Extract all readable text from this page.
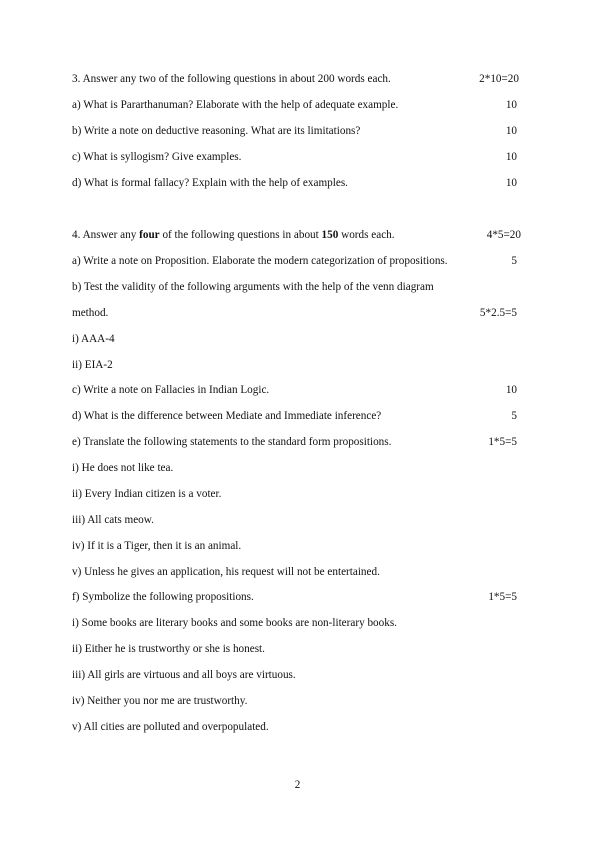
3. Answer any two of the following questions in about 200 words each.	2*10=20
a) What is Pararthanuman? Elaborate with the help of adequate example.	10
b) Write a note on deductive reasoning. What are its limitations?	10
c) What is syllogism? Give examples.	10
d) What is formal fallacy? Explain with the help of examples.	10
4. Answer any four of the following questions in about 150 words each.	4*5=20
a) Write a note on Proposition. Elaborate the modern categorization of propositions.	5
b) Test the validity of the following arguments with the help of the venn diagram
method.	5*2.5=5
i) AAA-4
ii) EIA-2
c) Write a note on Fallacies in Indian Logic.	10
d) What is the difference between Mediate and Immediate inference?	5
e) Translate the following statements to the standard form propositions.	1*5=5
i) He does not like tea.
ii) Every Indian citizen is a voter.
iii) All cats meow.
iv) If it is a Tiger, then it is an animal.
v) Unless he gives an application, his request will not be entertained.
f) Symbolize the following propositions.	1*5=5
i) Some books are literary books and some books are non-literary books.
ii) Either he is trustworthy or she is honest.
iii) All girls are virtuous and all boys are virtuous.
iv) Neither you nor me are trustworthy.
v) All cities are polluted and overpopulated.
2
